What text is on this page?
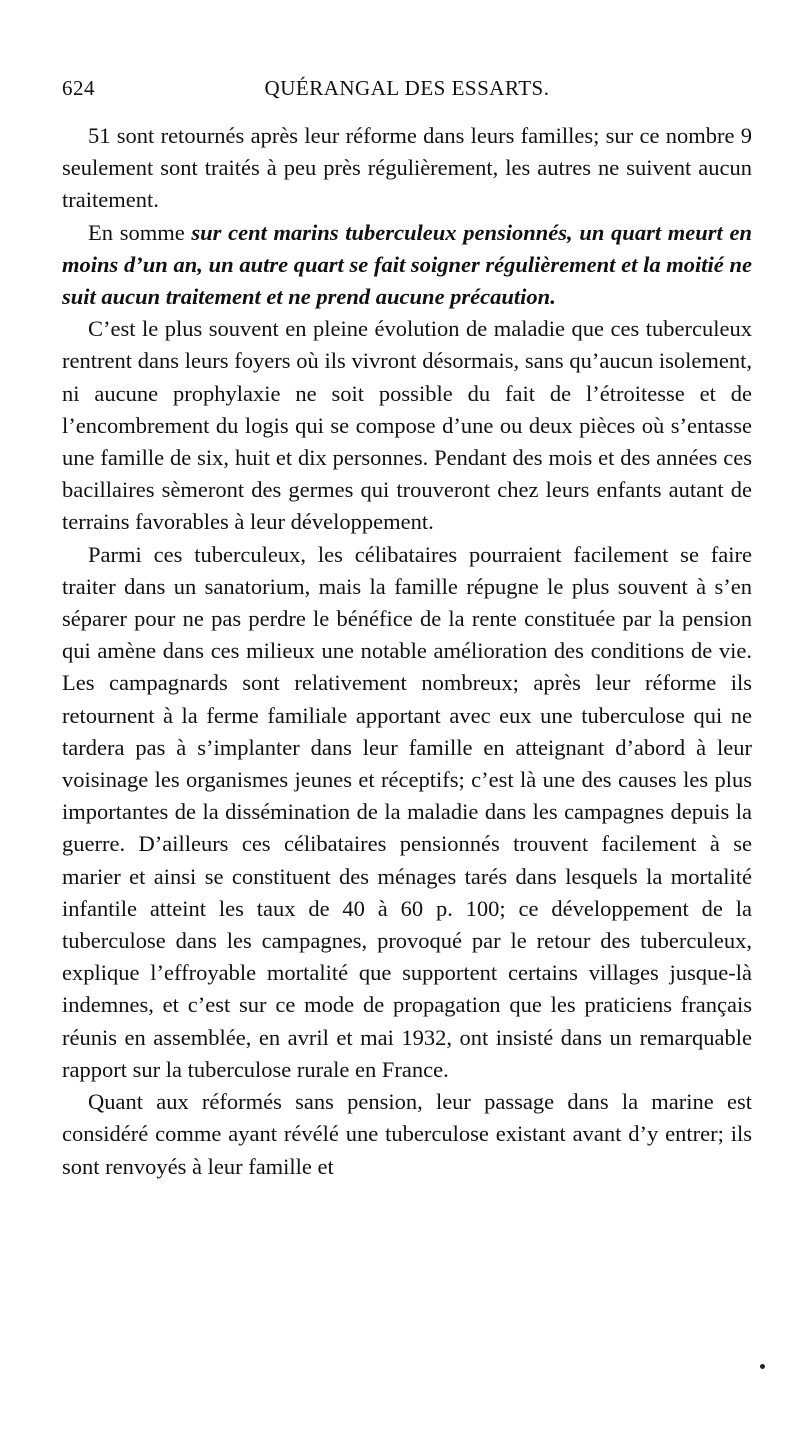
624	QUÉRANGAL DES ESSARTS.

51 sont retournés après leur réforme dans leurs familles; sur ce nombre 9 seulement sont traités à peu près régulièrement, les autres ne suivent aucun traitement.

En somme sur cent marins tuberculeux pensionnés, un quart meurt en moins d’un an, un autre quart se fait soigner régulièrement et la moitié ne suit aucun traitement et ne prend aucune précaution.

C’est le plus souvent en pleine évolution de maladie que ces tuberculeux rentrent dans leurs foyers où ils vivront désormais, sans qu’aucun isolement, ni aucune prophylaxie ne soit possible du fait de l’étroitesse et de l’encombrement du logis qui se compose d’une ou deux pièces où s’entasse une famille de six, huit et dix personnes. Pendant des mois et des années ces bacillaires sèmeront des germes qui trouveront chez leurs enfants autant de terrains favorables à leur développement.

Parmi ces tuberculeux, les célibataires pourraient facilement se faire traiter dans un sanatorium, mais la famille répugne le plus souvent à s’en séparer pour ne pas perdre le bénéfice de la rente constituée par la pension qui amène dans ces milieux une notable amélioration des conditions de vie. Les campagnards sont relativement nombreux; après leur réforme ils retournent à la ferme familiale apportant avec eux une tuberculose qui ne tardera pas à s’implanter dans leur famille en atteignant d’abord à leur voisinage les organismes jeunes et réceptifs; c’est là une des causes les plus importantes de la dissémination de la maladie dans les campagnes depuis la guerre. D’ailleurs ces célibataires pensionnés trouvent facilement à se marier et ainsi se constituent des ménages tarés dans lesquels la mortalité infantile atteint les taux de 40 à 60 p. 100; ce développement de la tuberculose dans les campagnes, provoqué par le retour des tuberculeux, explique l’effroyable mortalité que supportent certains villages jusque-là indemnes, et c’est sur ce mode de propagation que les praticiens français réunis en assemblée, en avril et mai 1932, ont insisté dans un remarquable rapport sur la tuberculose rurale en France.

Quant aux réformés sans pension, leur passage dans la marine est considéré comme ayant révélé une tuberculose existant avant d’y entrer; ils sont renvoyés à leur famille et
